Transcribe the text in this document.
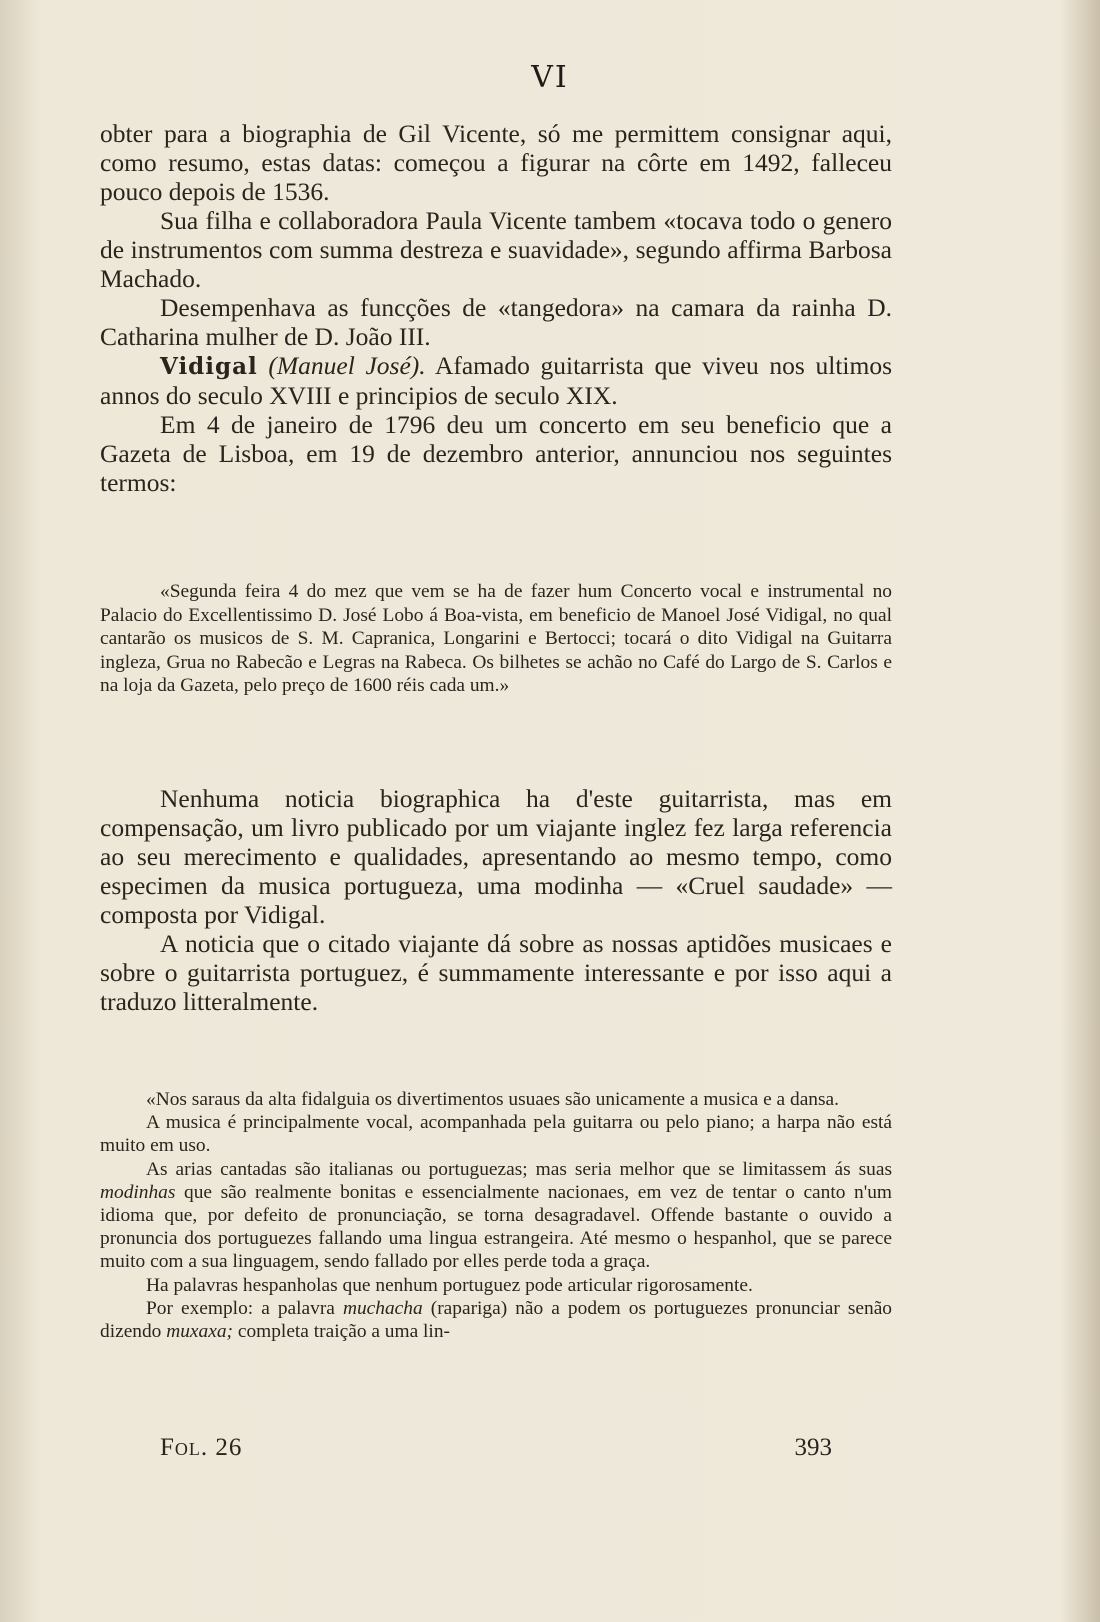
VI

obter para a biographia de Gil Vicente, só me permittem consignar aqui, como resumo, estas datas: começou a figurar na côrte em 1492, falleceu pouco depois de 1536.

Sua filha e collaboradora Paula Vicente tambem «tocava todo o genero de instrumentos com summa destreza e suavidade», segundo affirma Barbosa Machado.

Desempenhava as funcções de «tangedora» na camara da rainha D. Catharina mulher de D. João III.

Vidigal (Manuel José). Afamado guitarrista que viveu nos ultimos annos do seculo XVIII e principios de seculo XIX.

Em 4 de janeiro de 1796 deu um concerto em seu beneficio que a Gazeta de Lisboa, em 19 de dezembro anterior, annunciou nos seguintes termos:

«Segunda feira 4 do mez que vem se ha de fazer hum Concerto vocal e instrumental no Palacio do Excellentissimo D. José Lobo á Boa-vista, em beneficio de Manoel José Vidigal, no qual cantarão os musicos de S. M. Capranica, Longarini e Bertocci; tocará o dito Vidigal na Guitarra ingleza, Grua no Rabecão e Legras na Rabeca. Os bilhetes se achão no Café do Largo de S. Carlos e na loja da Gazeta, pelo preço de 1600 réis cada um.»

Nenhuma noticia biographica ha d'este guitarrista, mas em compensação, um livro publicado por um viajante inglez fez larga referencia ao seu merecimento e qualidades, apresentando ao mesmo tempo, como especimen da musica portugueza, uma modinha — «Cruel saudade» — composta por Vidigal.

A noticia que o citado viajante dá sobre as nossas aptidões musicaes e sobre o guitarrista portuguez, é summamente interessante e por isso aqui a traduzo litteralmente.

«Nos saraus da alta fidalguia os divertimentos usuaes são unicamente a musica e a dansa.

A musica é principalmente vocal, acompanhada pela guitarra ou pelo piano; a harpa não está muito em uso.

As arias cantadas são italianas ou portuguezas; mas seria melhor que se limitassem ás suas modinhas que são realmente bonitas e essencialmente nacionaes, em vez de tentar o canto n'um idioma que, por defeito de pronunciação, se torna desagradavel. Offende bastante o ouvido a pronuncia dos portuguezes fallando uma lingua estrangeira. Até mesmo o hespanhol, que se parece muito com a sua linguagem, sendo fallado por elles perde toda a graça.

Ha palavras hespanholas que nenhum portuguez pode articular rigorosamente.

Por exemplo: a palavra muchacha (rapariga) não a podem os portuguezes pronunciar senão dizendo muxaxa; completa traição a uma lin-

Fol. 26	393
